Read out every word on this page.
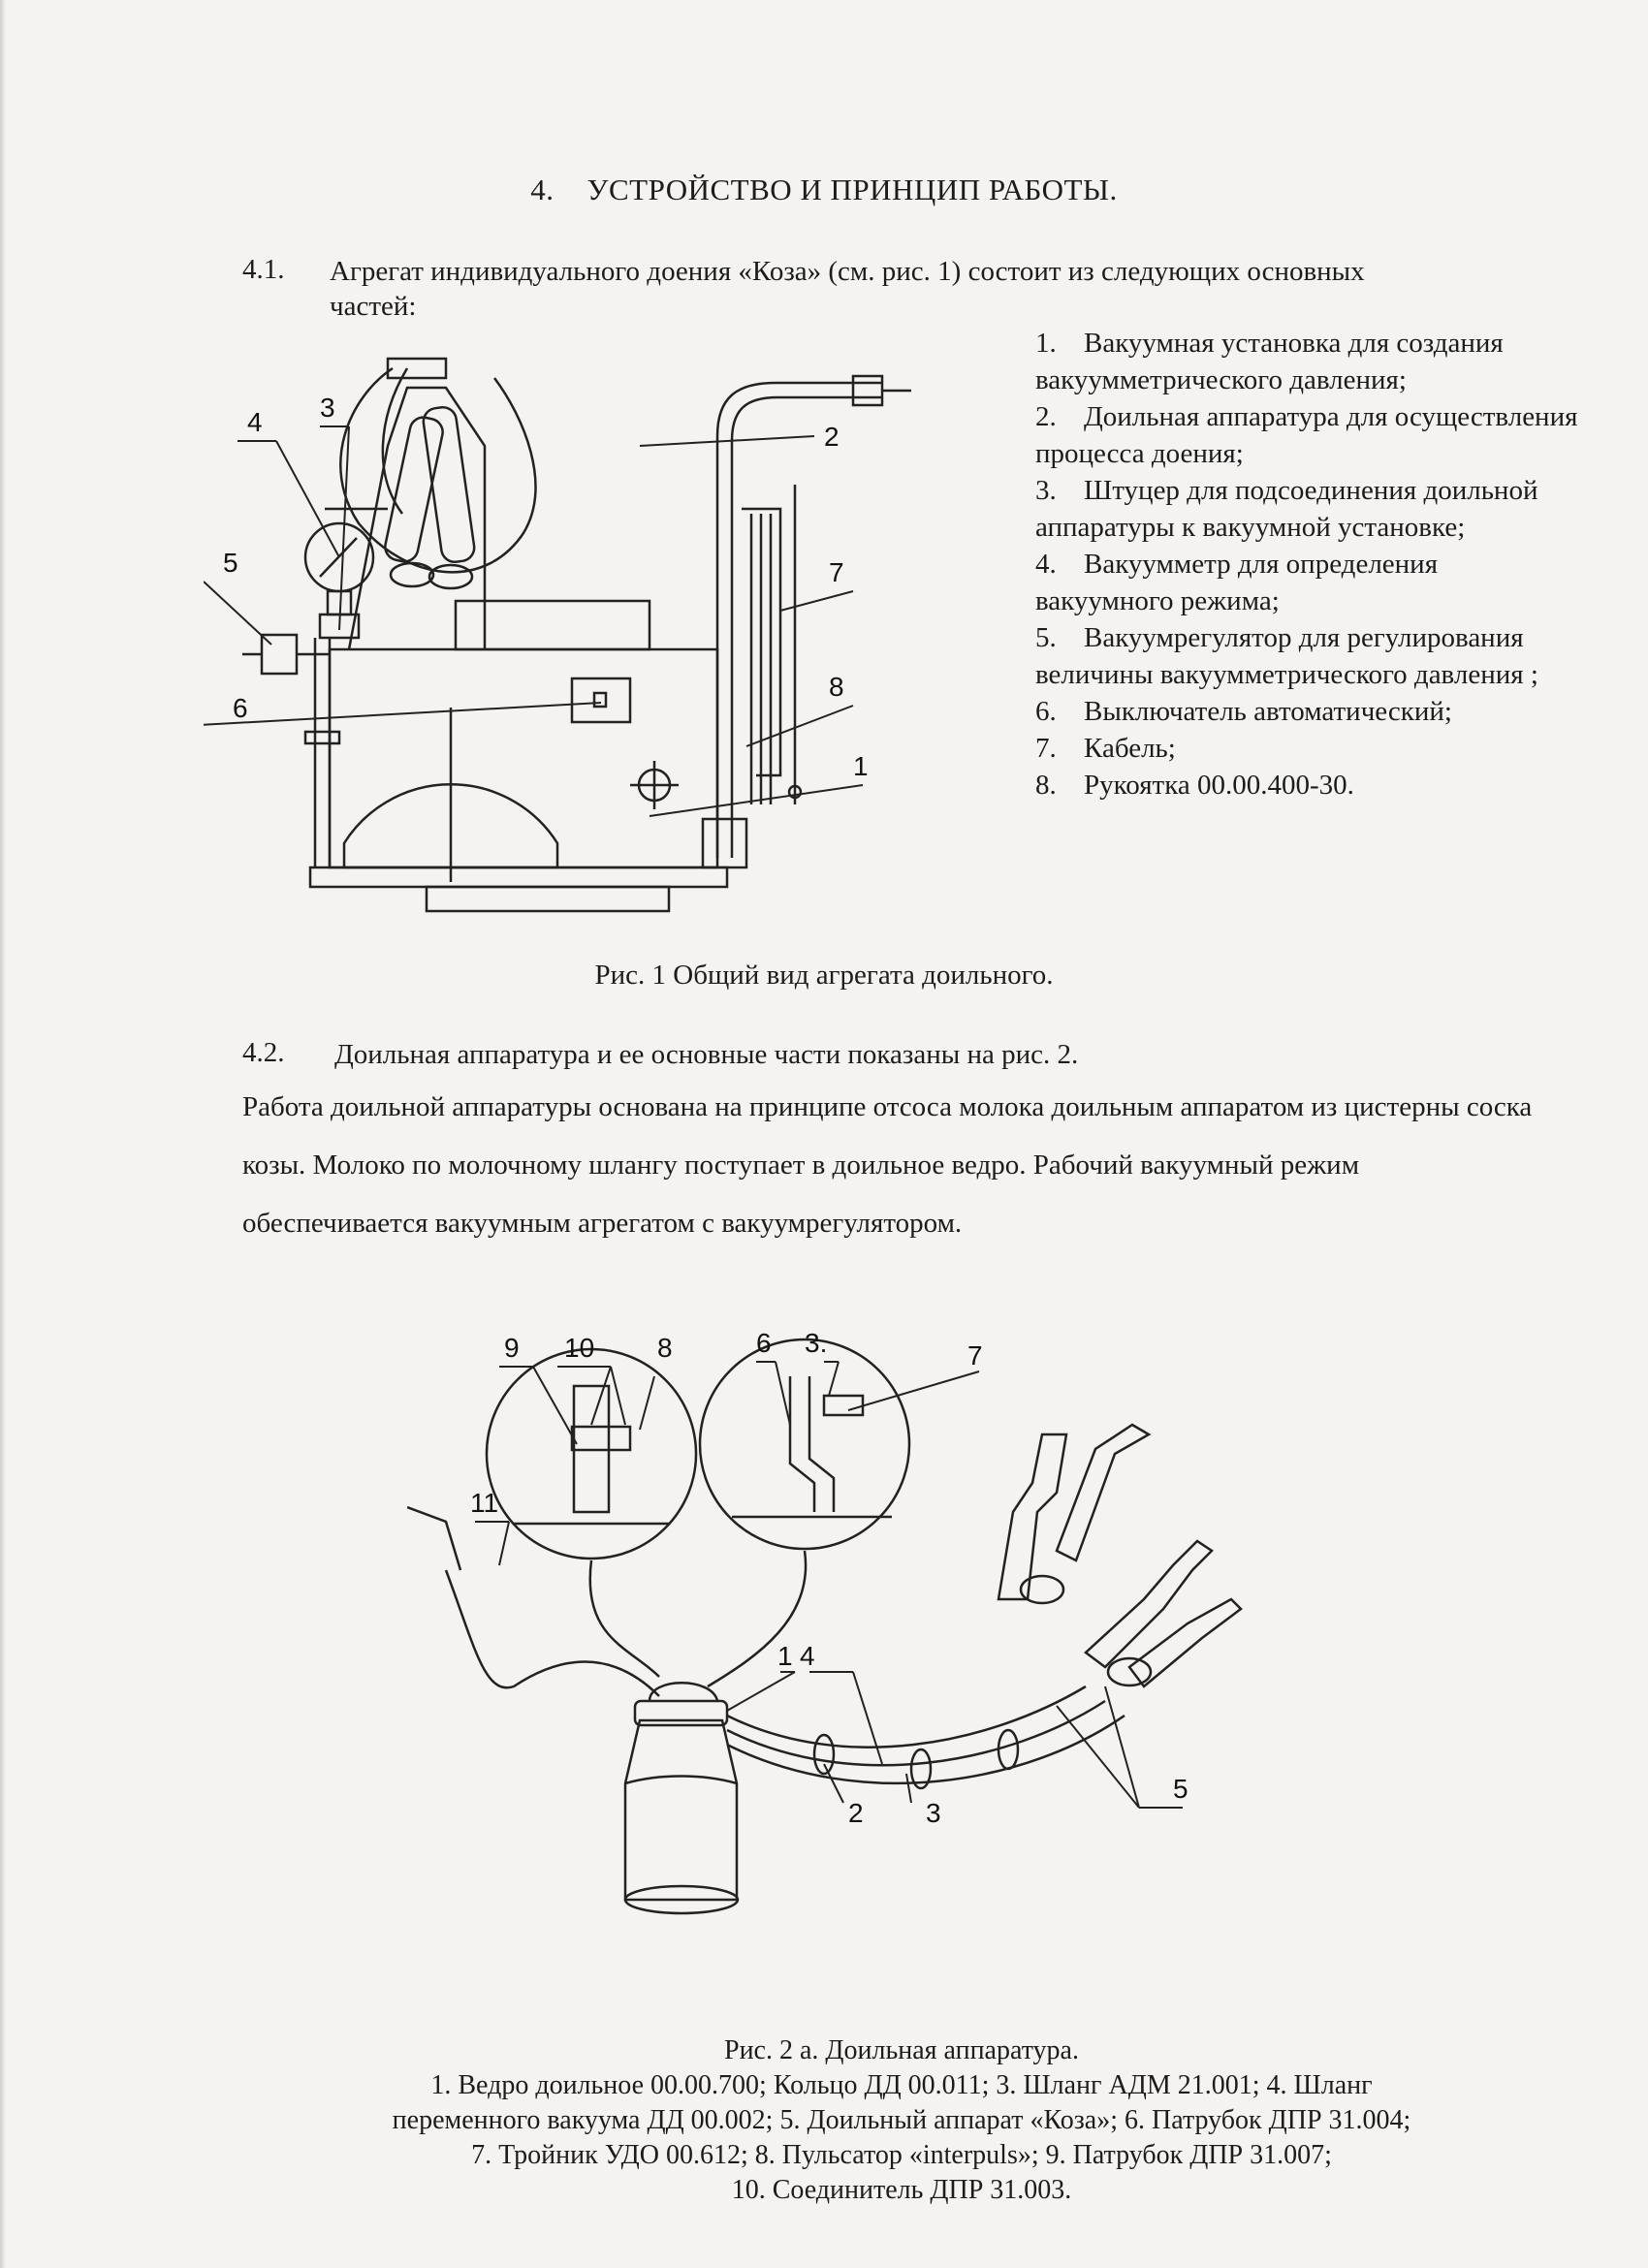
4. УСТРОЙСТВО И ПРИНЦИП РАБОТЫ.
4.1. Агрегат индивидуального доения «Коза» (см. рис. 1) состоит из следующих основных
частей:
4 3
5
6
2
7
8
1
1. Вакуумная установка для создания вакуумметрического давления;
2. Доильная аппаратура для осуществления процесса доения;
3. Штуцер для подсоединения доильной аппаратуры к вакуумной установке;
4. Вакуумметр для определения вакуумного режима;
5. Вакуумрегулятор для регулирования величины вакуумметрического давления ;
6. Выключатель автоматический;
7. Кабель;
8. Рукоятка 00.00.400-30.
Рис. 1 Общий вид агрегата доильного.
4.2. Доильная аппаратура и ее основные части показаны на рис. 2.
Работа доильной аппаратуры основана на принципе отсоса молока доильным аппаратом из цистерны соска козы. Молоко по молочному шлангу поступает в доильное ведро. Рабочий вакуумный режим обеспечивается вакуумным агрегатом с вакуумрегулятором.
9 10 8	6 3.	7
11
1 4
2 3
5
Рис. 2 а. Доильная аппаратура.
1. Ведро доильное 00.00.700; Кольцо ДД 00.011; 3. Шланг АДМ 21.001; 4. Шланг
переменного вакуума ДД 00.002; 5. Доильный аппарат «Коза»; 6. Патрубок ДПР 31.004;
7. Тройник УДО 00.612; 8. Пульсатор «interpuls»; 9. Патрубок ДПР 31.007;
10. Соединитель ДПР 31.003.
